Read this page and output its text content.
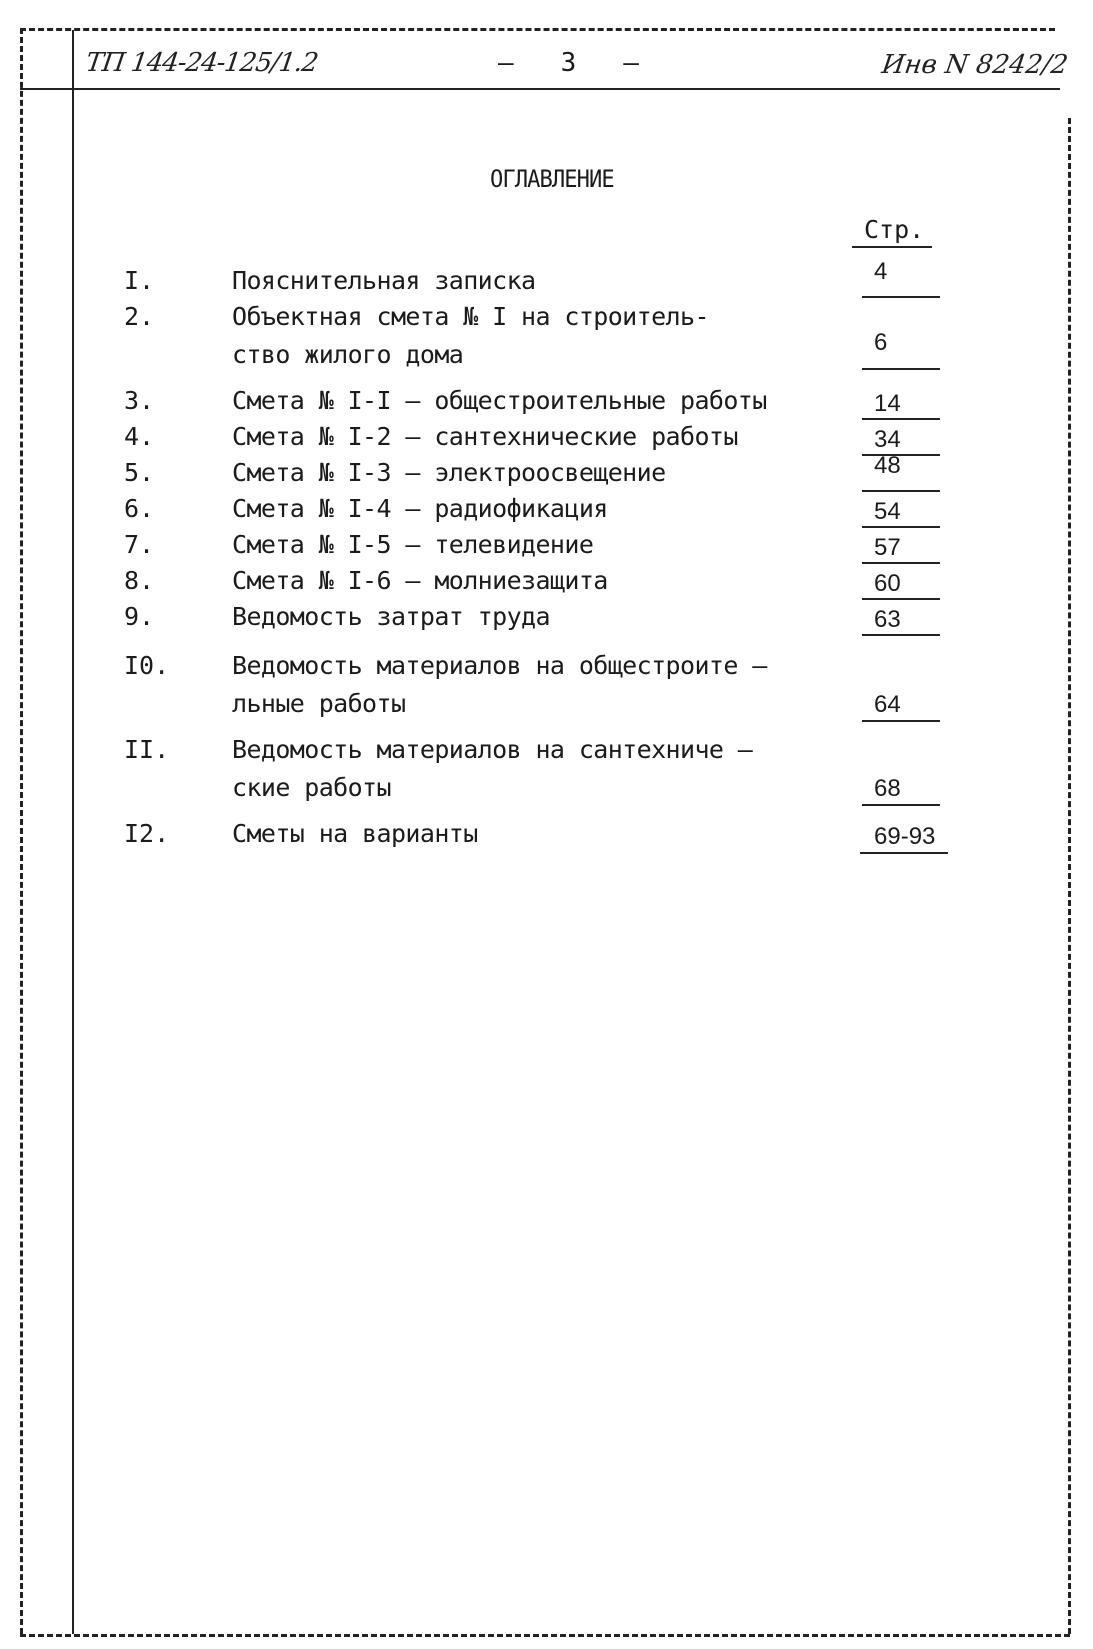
ТП 144-24-125/1.2	–   3   –	Инв N 8242/2
ОГЛАВЛЕНИЕ
Стр.
I.	Пояснительная записка	4
2.	Объектная смета № I на строитель-
ство жилого дома	6
3.	Смета № I-I – общестроительные работы	14
4.	Смета № I-2 – сантехнические работы	34
5.	Смета № I-3 – электроосвещение	48
6.	Смета № I-4 – радиофикация	54
7.	Смета № I-5 – телевидение	57
8.	Смета № I-6 – молниезащита	60
9.	Ведомость затрат труда	63
I0.	Ведомость материалов на общестроите –
льные работы	64
II.	Ведомость материалов на сантехниче –
ские работы	68
I2.	Сметы на варианты	69-93
